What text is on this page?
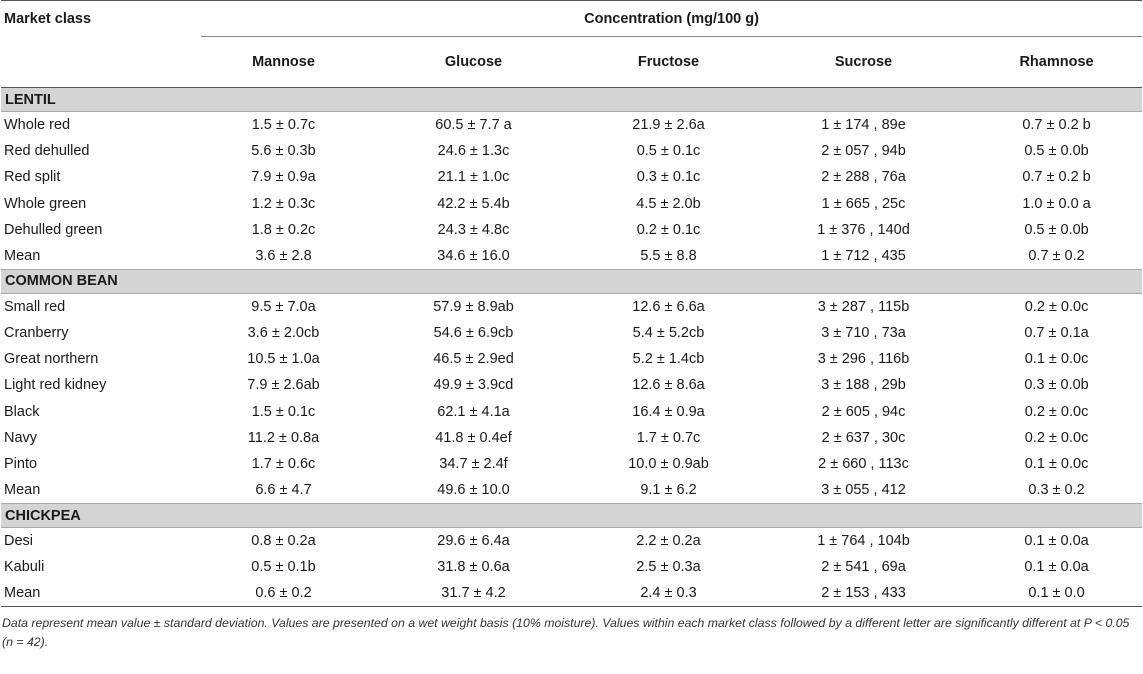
Market class	Concentration (mg/100 g)				
	Mannose	Glucose	Fructose	Sucrose	Rhamnose
LENTIL					
Whole red	1.5 ± 0.7c	60.5 ± 7.7 a	21.9 ± 2.6a	1 ± 174 , 89e	0.7 ± 0.2 b
Red dehulled	5.6 ± 0.3b	24.6 ± 1.3c	0.5 ± 0.1c	2 ± 057 , 94b	0.5 ± 0.0b
Red split	7.9 ± 0.9a	21.1 ± 1.0c	0.3 ± 0.1c	2 ± 288 , 76a	0.7 ± 0.2 b
Whole green	1.2 ± 0.3c	42.2 ± 5.4b	4.5 ± 2.0b	1 ± 665 , 25c	1.0 ± 0.0 a
Dehulled green	1.8 ± 0.2c	24.3 ± 4.8c	0.2 ± 0.1c	1 ± 376 , 140d	0.5 ± 0.0b
Mean	3.6 ± 2.8	34.6 ± 16.0	5.5 ± 8.8	1 ± 712 , 435	0.7 ± 0.2
COMMON BEAN					
Small red	9.5 ± 7.0a	57.9 ± 8.9ab	12.6 ± 6.6a	3 ± 287 , 115b	0.2 ± 0.0c
Cranberry	3.6 ± 2.0cb	54.6 ± 6.9cb	5.4 ± 5.2cb	3 ± 710 , 73a	0.7 ± 0.1a
Great northern	10.5 ± 1.0a	46.5 ± 2.9ed	5.2 ± 1.4cb	3 ± 296 , 116b	0.1 ± 0.0c
Light red kidney	7.9 ± 2.6ab	49.9 ± 3.9cd	12.6 ± 8.6a	3 ± 188 , 29b	0.3 ± 0.0b
Black	1.5 ± 0.1c	62.1 ± 4.1a	16.4 ± 0.9a	2 ± 605 , 94c	0.2 ± 0.0c
Navy	11.2 ± 0.8a	41.8 ± 0.4ef	1.7 ± 0.7c	2 ± 637 , 30c	0.2 ± 0.0c
Pinto	1.7 ± 0.6c	34.7 ± 2.4f	10.0 ± 0.9ab	2 ± 660 , 113c	0.1 ± 0.0c
Mean	6.6 ± 4.7	49.6 ± 10.0	9.1 ± 6.2	3 ± 055 , 412	0.3 ± 0.2
CHICKPEA					
Desi	0.8 ± 0.2a	29.6 ± 6.4a	2.2 ± 0.2a	1 ± 764 , 104b	0.1 ± 0.0a
Kabuli	0.5 ± 0.1b	31.8 ± 0.6a	2.5 ± 0.3a	2 ± 541 , 69a	0.1 ± 0.0a
Mean	0.6 ± 0.2	31.7 ± 4.2	2.4 ± 0.3	2 ± 153 , 433	0.1 ± 0.0
Data represent mean value ± standard deviation. Values are presented on a wet weight basis (10% moisture). Values within each market class followed by a different letter are significantly different at P < 0.05 (n = 42).
